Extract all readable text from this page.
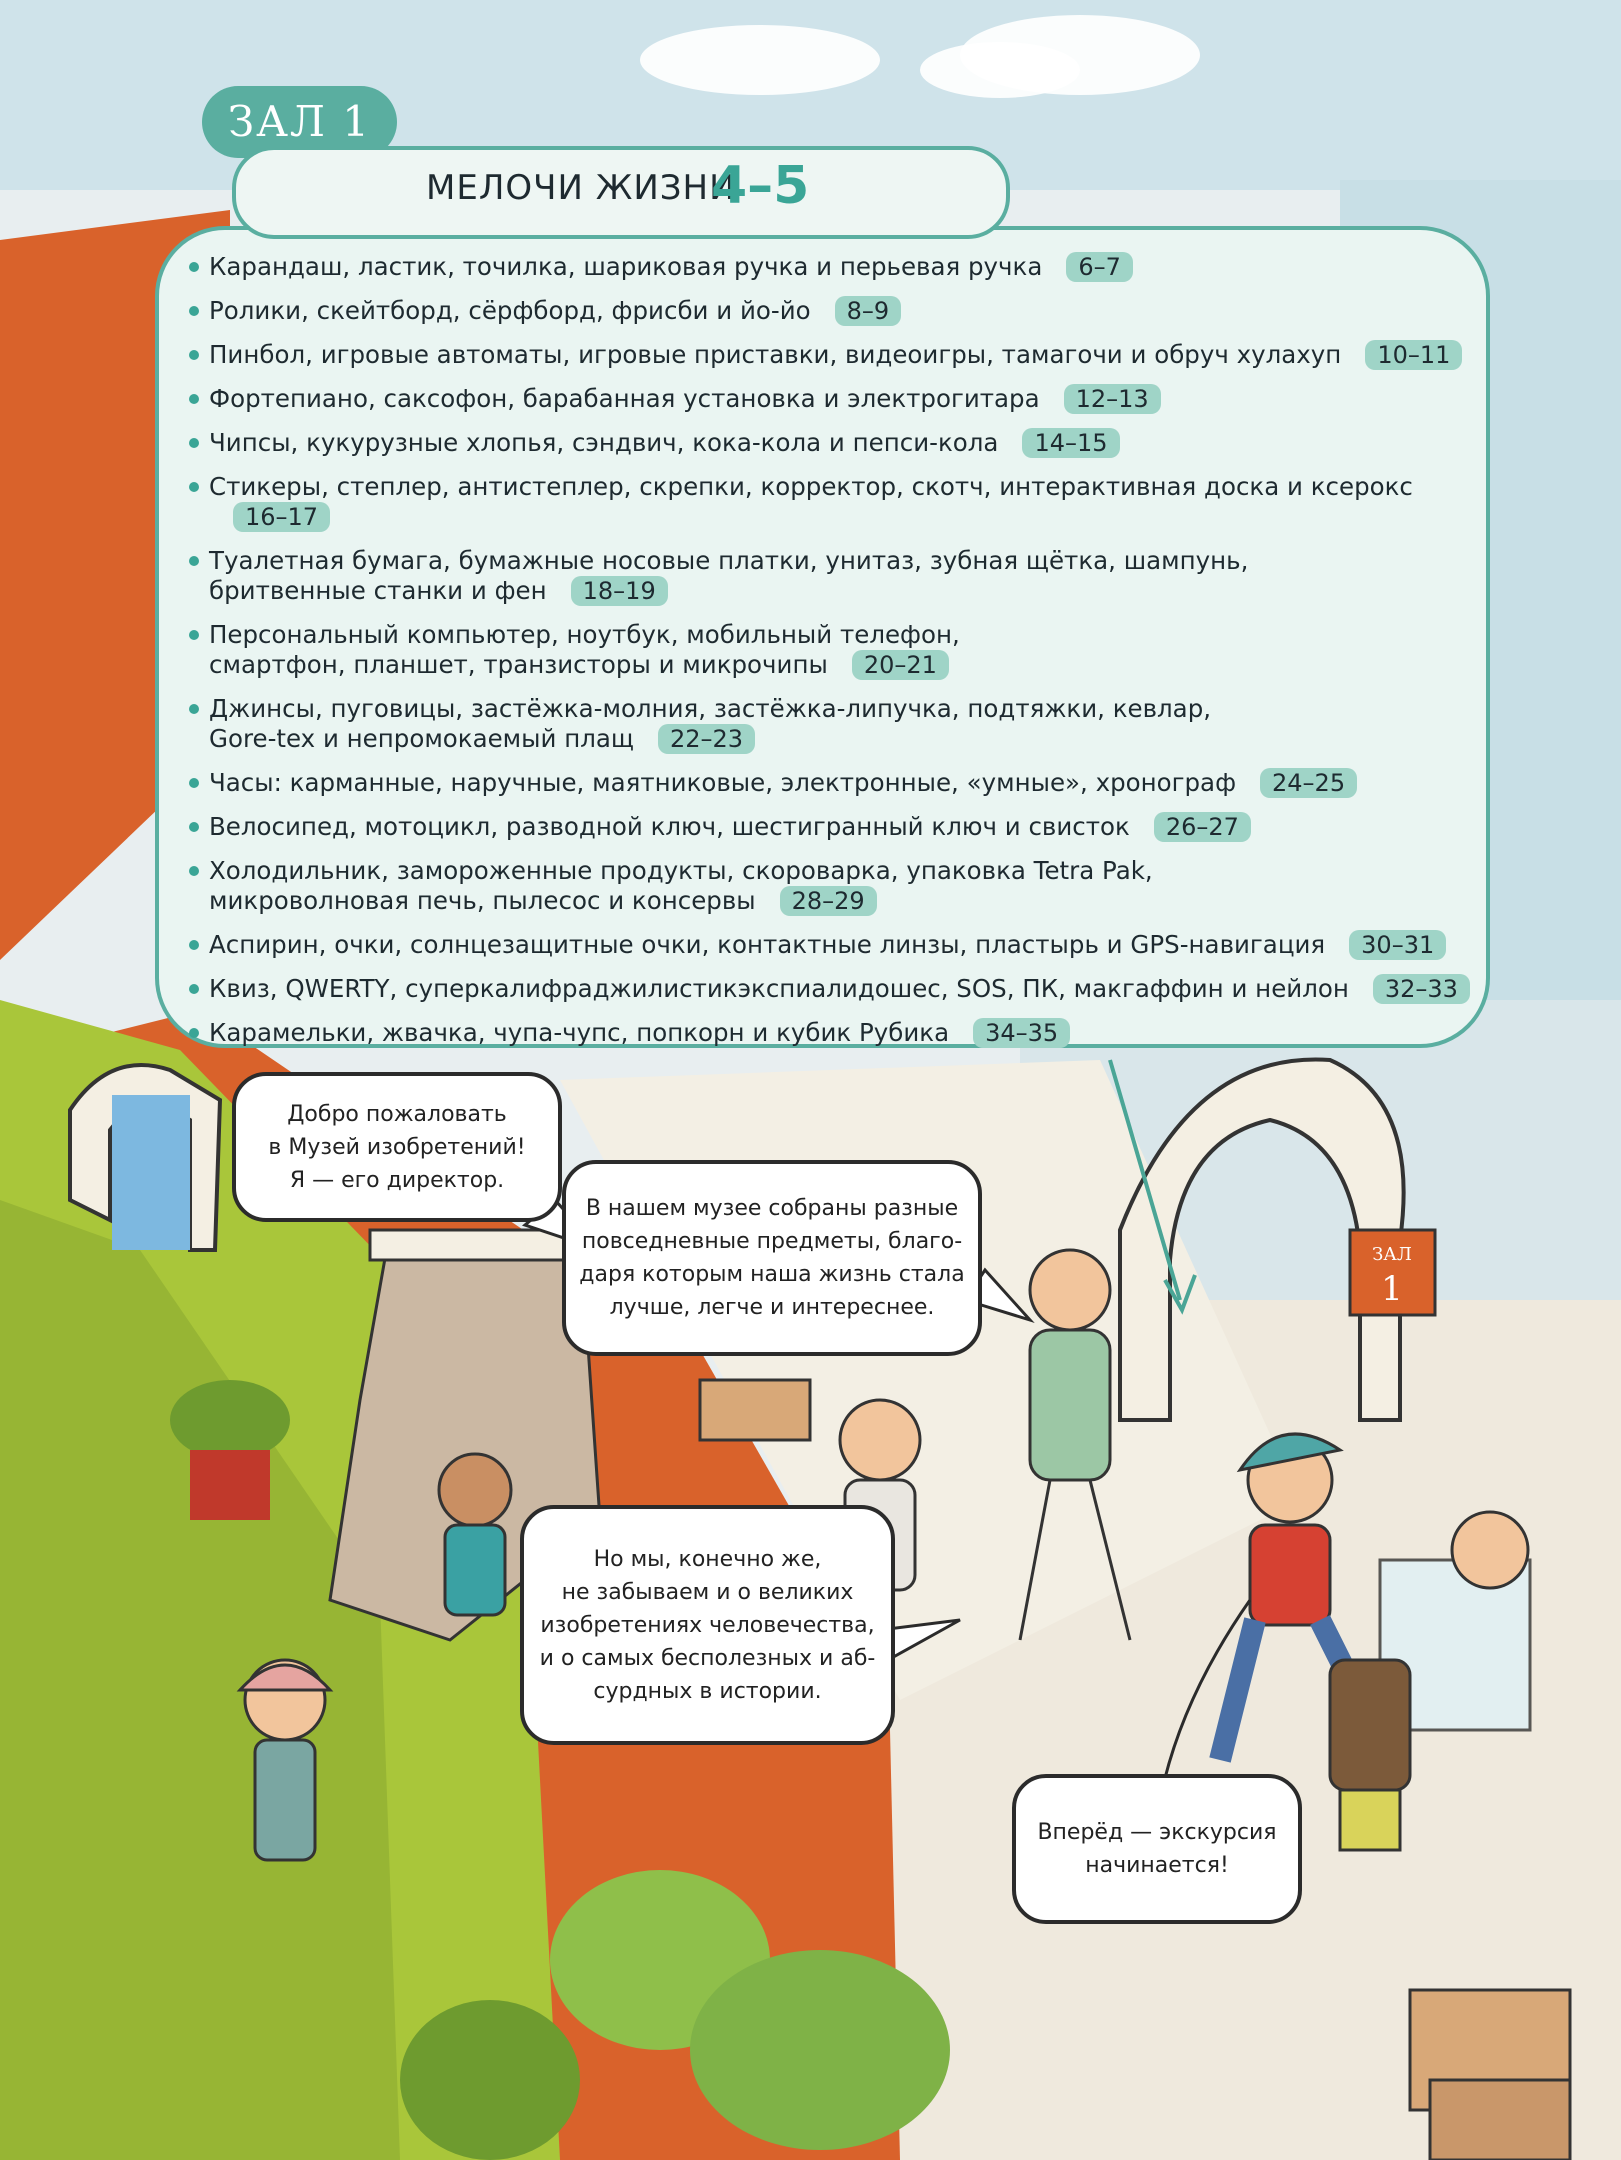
ЗАЛ
1
ЗАЛ 1
Карандаш, ластик, точилка, шариковая ручка и перьевая ручка 6–7
Ролики, скейтборд, сёрфборд, фрисби и йо-йо 8–9
Пинбол, игровые автоматы, игровые приставки, видеоигры, тамагочи и обруч хулахуп 10–11
Фортепиано, саксофон, барабанная установка и электрогитара 12–13
Чипсы, кукурузные хлопья, сэндвич, кока-кола и пепси-кола 14–15
Стикеры, степлер, антистеплер, скрепки, корректор, скотч, интерактивная доска и ксерокс16–17
Туалетная бумага, бумажные носовые платки, унитаз, зубная щётка, шампунь,
бритвенные станки и фен 18–19
Персональный компьютер, ноутбук, мобильный телефон,
смартфон, планшет, транзисторы и микрочипы 20–21
Джинсы, пуговицы, застёжка-молния, застёжка-липучка, подтяжки, кевлар,
Gore-tex и непромокаемый плащ 22–23
Часы: карманные, наручные, маятниковые, электронные, «умные», хронограф 24–25
Велосипед, мотоцикл, разводной ключ, шестигранный ключ и свисток 26–27
Холодильник, замороженные продукты, скороварка, упаковка Tetra Pak,
микроволновая печь, пылесос и консервы 28–29
Аспирин, очки, солнцезащитные очки, контактные линзы, пластырь и GPS-навигация 30–31
Квиз, QWERTY, суперкалифраджилистикэкспиалидошес, SOS, ПК, макгаффин и нейлон 32–33
Карамельки, жвачка, чупа-чупс, попкорн и кубик Рубика 34–35
МЕЛОЧИ ЖИЗНИ
4–5
Добро пожаловать
в Музей изобретений!
Я — его директор.
В нашем музее собраны разные
повседневные предметы, благо-
даря которым наша жизнь стала
лучше, легче и интереснее.
Но мы, конечно же,
не забываем и о великих
изобретениях человечества,
и о самых бесполезных и аб-
сурдных в истории.
Вперёд — экскурсия
начинается!
